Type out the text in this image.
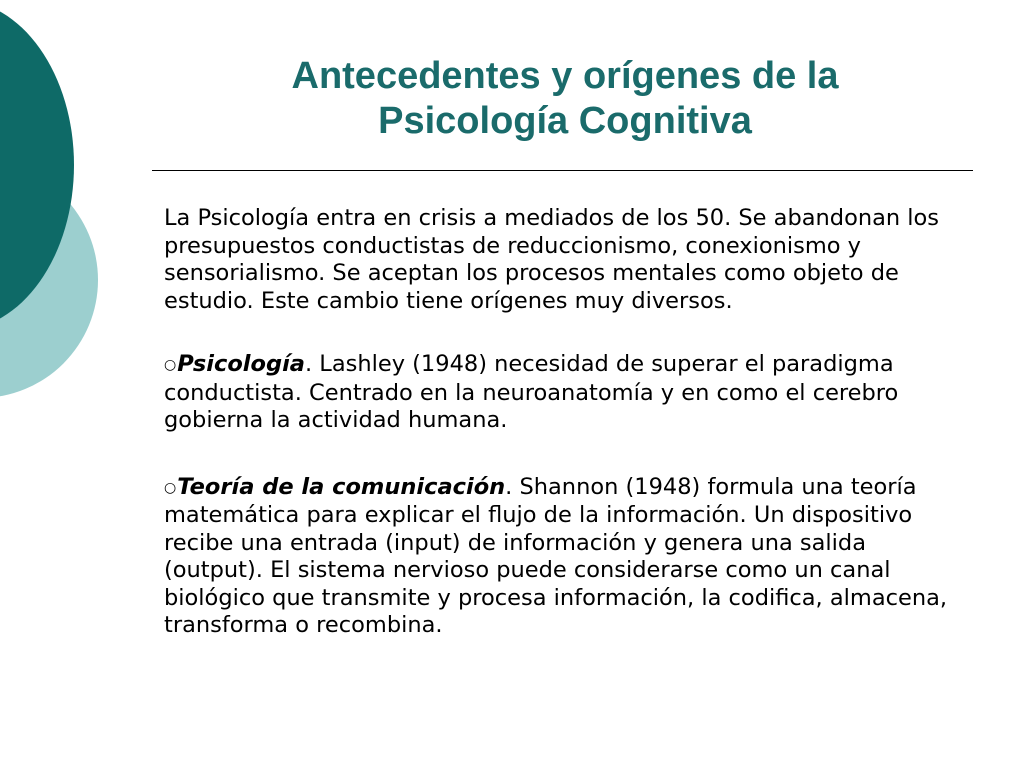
Antecedentes y orígenes de la
Psicología Cognitiva

La Psicología entra en crisis a mediados de los 50. Se abandonan los presupuestos conductistas de reduccionismo, conexionismo y sensorialismo. Se aceptan los procesos mentales como objeto de estudio. Este cambio tiene orígenes muy diversos.

○Psicología. Lashley (1948) necesidad de superar el paradigma conductista. Centrado en la neuroanatomía y en como el cerebro gobierna la actividad humana.

○Teoría de la comunicación. Shannon (1948) formula una teoría matemática para explicar el flujo de la información. Un dispositivo recibe una entrada (input) de información y genera una salida (output). El sistema nervioso puede considerarse como un canal biológico que transmite y procesa información, la codifica, almacena, transforma o recombina.
